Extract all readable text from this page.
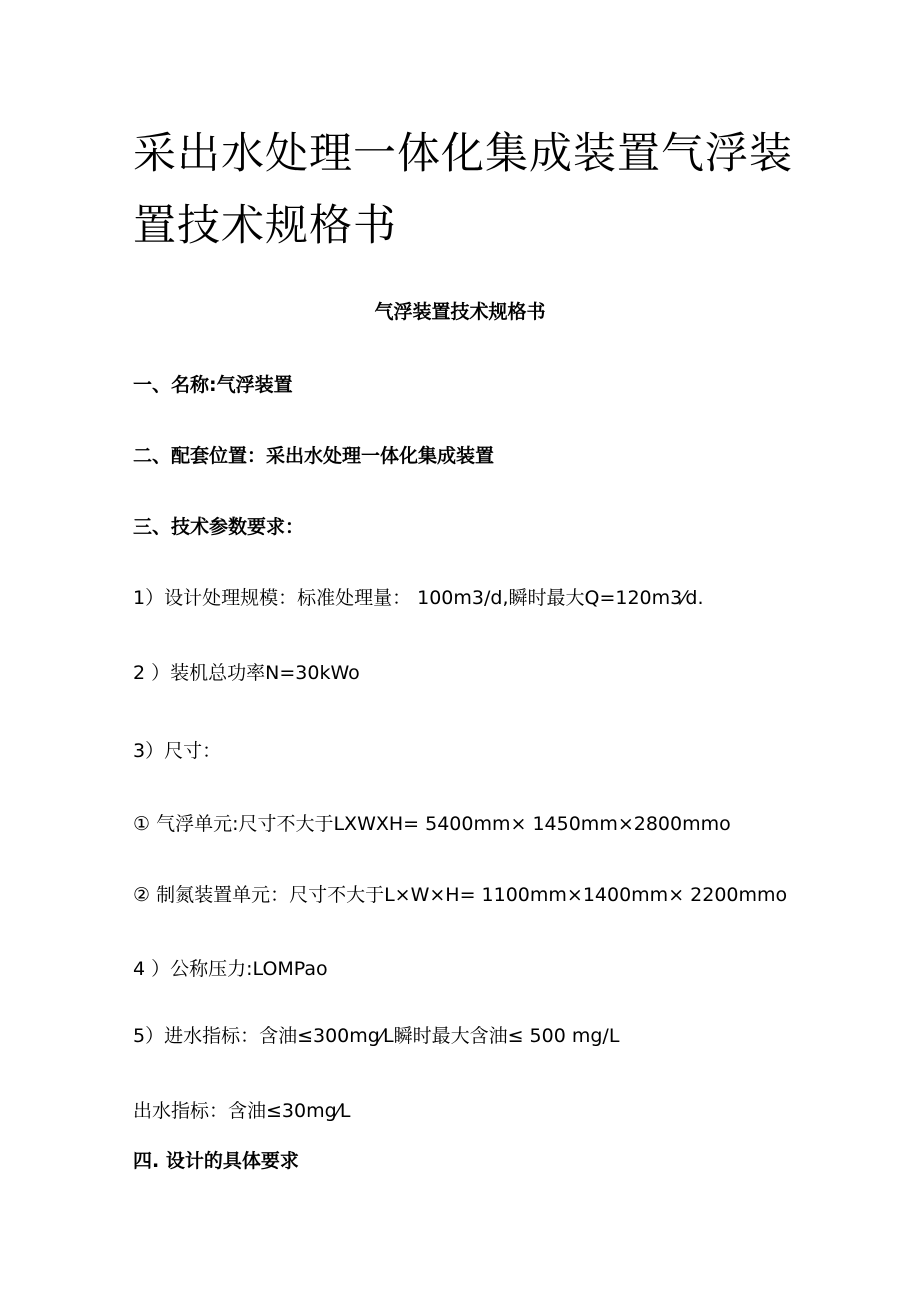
采出水处理一体化集成装置气浮装置技术规格书

气浮装置技术规格书

一、名称:气浮装置

二、配套位置：采出水处理一体化集成装置

三、技术参数要求：

1）设计处理规模：标准处理量： 100m3/d,瞬时最大Q=120m3⁄d.

2 ）装机总功率N=30kWo

3）尺寸：

① 气浮单元:尺寸不大于LXWXH= 5400mm× 1450mm×2800mmo

② 制氮装置单元：尺寸不大于L×W×H= 1100mm×1400mm× 2200mmo

4 ）公称压力:LOMPao

5）进水指标：含油≤300mg⁄L瞬时最大含油≤ 500 mg/L

出水指标：含油≤30mg⁄L

四. 设计的具体要求
